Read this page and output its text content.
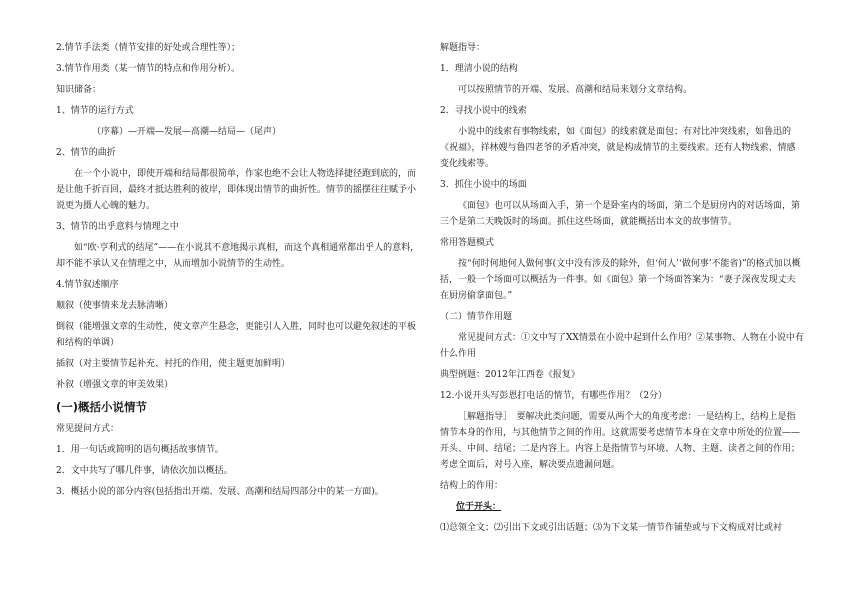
2.情节手法类（情节安排的好处或合理性等）；

3.情节作用类（某一情节的特点和作用分析）。

知识储备：

1、情节的运行方式

（序幕）—开端—发展—高潮—结局—（尾声）

2、情节的曲折

在一个小说中，即使开端和结局都很简单，作家也绝不会让人物选择捷径跑到底的，而是让他千折百回，最终才抵达胜利的彼岸，即体现出情节的曲折性。情节的摇摆往往赋予小说更为摄人心魄的魅力。

3、情节的出乎意料与情理之中

如“欧·亨利式的结尾”——在小说其不意地揭示真相，而这个真相通常都出乎人的意料，却不能不承认又在情理之中，从而增加小说情节的生动性。

4.情节叙述顺序

顺叙（使事情来龙去脉清晰）

倒叙（能增强文章的生动性，使文章产生悬念，更能引人入胜，同时也可以避免叙述的平板和结构的单调）

插叙（对主要情节起补充、衬托的作用，使主题更加鲜明）

补叙（增强文章的审美效果）

(一)概括小说情节

常见提问方式：

1．用一句话或简明的语句概括故事情节。

2．文中共写了哪几件事，请依次加以概括。

3．概括小说的部分内容(包括指出开端、发展、高潮和结局四部分中的某一方面)。

解题指导：

1．理清小说的结构

可以按照情节的开端、发展、高潮和结局来划分文章结构。

2．寻找小说中的线索

小说中的线索有事物线索，如《面包》的线索就是面包；有对比冲突线索，如鲁迅的《祝福》，祥林嫂与鲁四老爷的矛盾冲突，就是构成情节的主要线索。还有人物线索、情感变化线索等。

3．抓住小说中的场面

《面包》也可以从场面入手，第一个是卧室内的场面，第二个是厨房内的对话场面，第三个是第二天晚饭时的场面。抓住这些场面，就能概括出本文的故事情节。

常用答题模式

按“何时何地何人做何事(文中没有涉及的除外，但‘何人’‘做何事’不能省)”的格式加以概括，一般一个场面可以概括为一件事。如《面包》第一个场面答案为：“妻子深夜发现丈夫在厨房偷拿面包。”

（二）情节作用题

常见提问方式：①文中写了XX情景在小说中起到什么作用？②某事物、人物在小说中有什么作用

典型例题：2012年江西卷《报复》

12.小说开头写彭恩打电话的情节，有哪些作用？（2分）

［解题指导］　要解决此类问题，需要从两个大的角度考虑：一是结构上，结构上是指情节本身的作用，与其他情节之间的作用。这就需要考虑情节本身在文章中所处的位置——开头、中间、结尾；二是内容上。内容上是指情节与环境、人物、主题、读者之间的作用；考虑全面后，对号入座，解决要点遗漏问题。

结构上的作用：

位于开头：

⑴总领全文；⑵引出下文或引出话题；⑶为下文某一情节作铺垫或与下文构成对比或衬
